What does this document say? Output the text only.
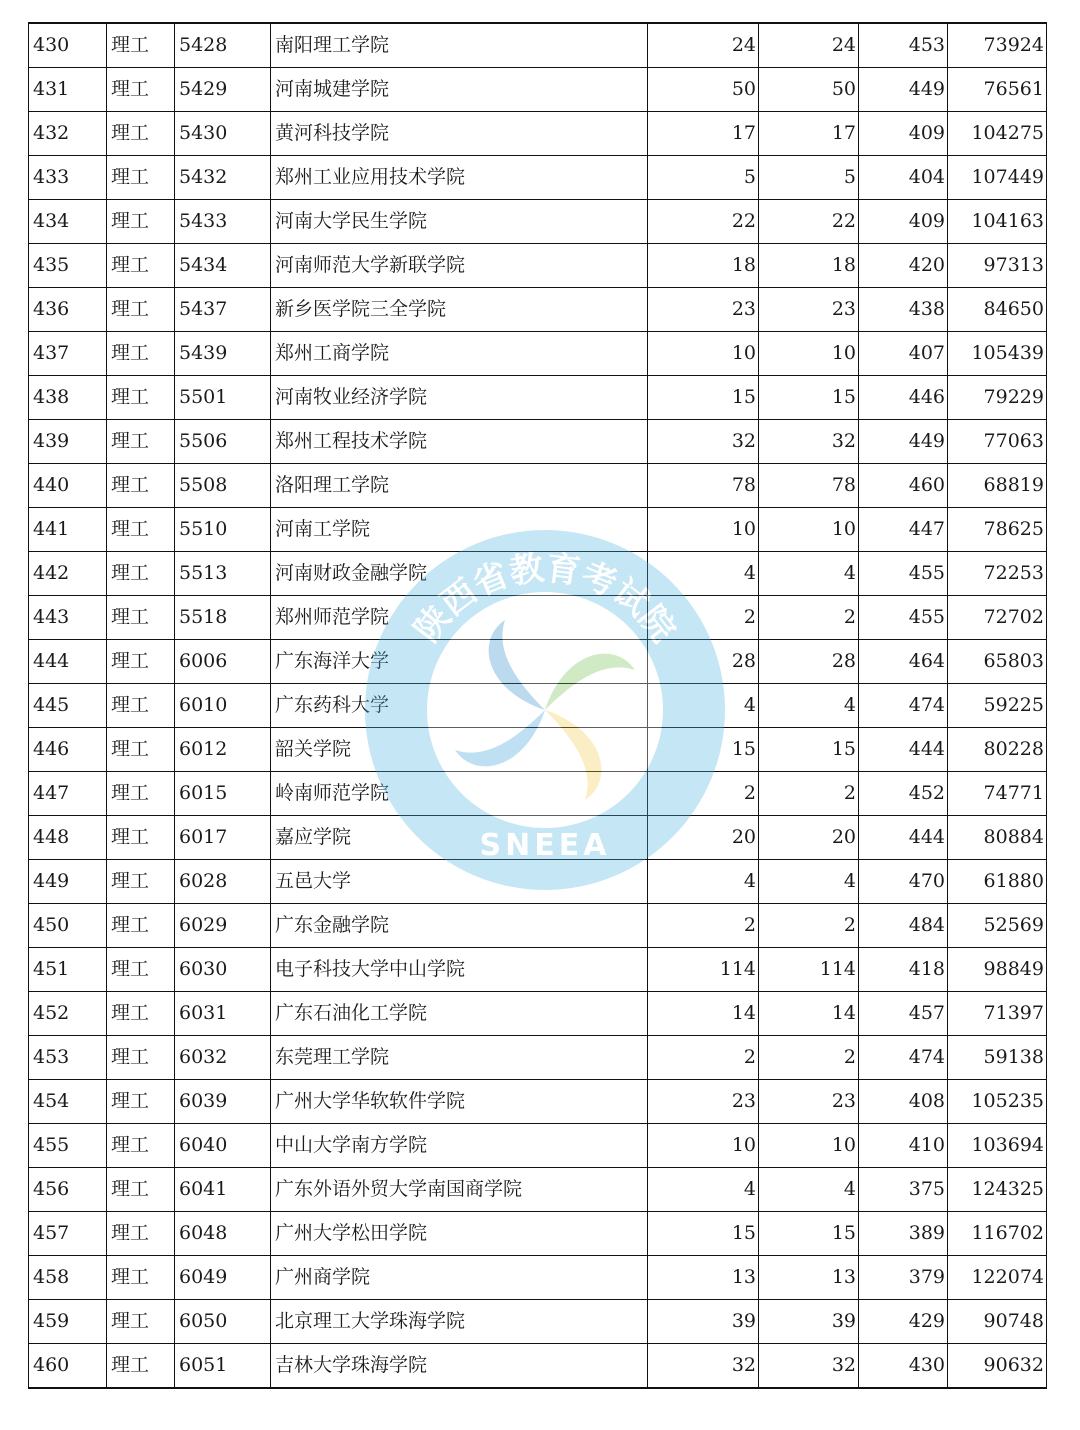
430	理工	5428	南阳理工学院	24	24	453	73924
431	理工	5429	河南城建学院	50	50	449	76561
432	理工	5430	黄河科技学院	17	17	409	104275
433	理工	5432	郑州工业应用技术学院	5	5	404	107449
434	理工	5433	河南大学民生学院	22	22	409	104163
435	理工	5434	河南师范大学新联学院	18	18	420	97313
436	理工	5437	新乡医学院三全学院	23	23	438	84650
437	理工	5439	郑州工商学院	10	10	407	105439
438	理工	5501	河南牧业经济学院	15	15	446	79229
439	理工	5506	郑州工程技术学院	32	32	449	77063
440	理工	5508	洛阳理工学院	78	78	460	68819
441	理工	5510	河南工学院	10	10	447	78625
442	理工	5513	河南财政金融学院	4	4	455	72253
443	理工	5518	郑州师范学院	2	2	455	72702
444	理工	6006	广东海洋大学	28	28	464	65803
445	理工	6010	广东药科大学	4	4	474	59225
446	理工	6012	韶关学院	15	15	444	80228
447	理工	6015	岭南师范学院	2	2	452	74771
448	理工	6017	嘉应学院	20	20	444	80884
449	理工	6028	五邑大学	4	4	470	61880
450	理工	6029	广东金融学院	2	2	484	52569
451	理工	6030	电子科技大学中山学院	114	114	418	98849
452	理工	6031	广东石油化工学院	14	14	457	71397
453	理工	6032	东莞理工学院	2	2	474	59138
454	理工	6039	广州大学华软软件学院	23	23	408	105235
455	理工	6040	中山大学南方学院	10	10	410	103694
456	理工	6041	广东外语外贸大学南国商学院	4	4	375	124325
457	理工	6048	广州大学松田学院	15	15	389	116702
458	理工	6049	广州商学院	13	13	379	122074
459	理工	6050	北京理工大学珠海学院	39	39	429	90748
460	理工	6051	吉林大学珠海学院	32	32	430	90632
陕西省教育考试院
SNEEA
